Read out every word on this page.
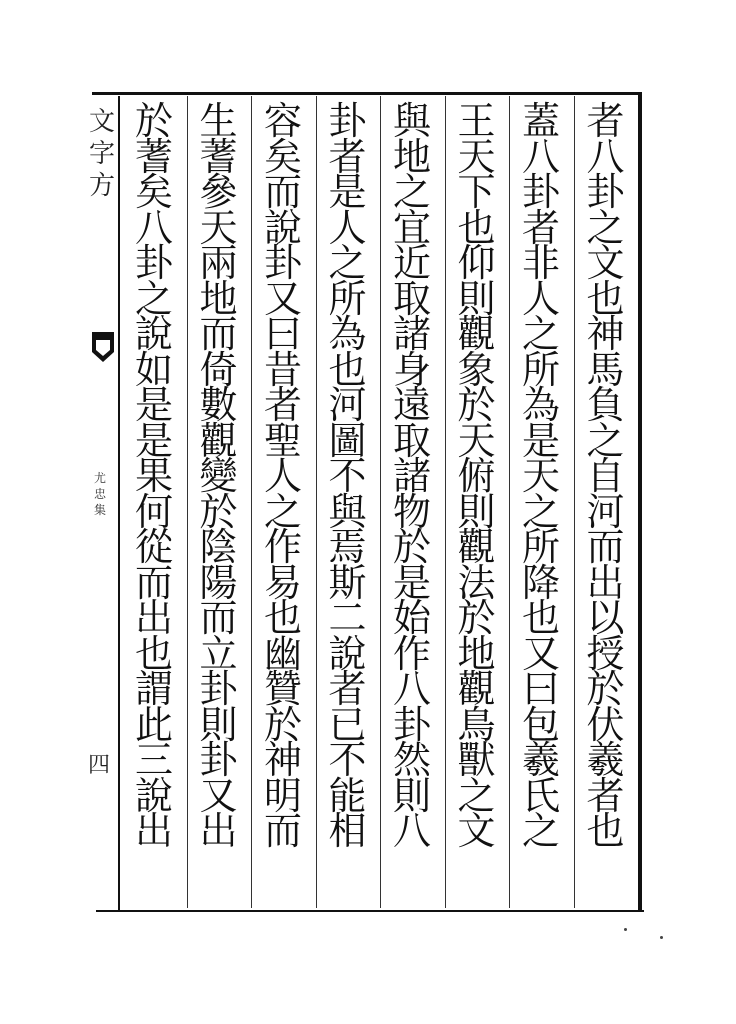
文
字
方
尤
忠
集
四
者
八
卦
之
文
也
神
馬
負
之
自
河
而
出
以
授
於
伏
羲
者
也
蓋
八
卦
者
非
人
之
所
為
是
天
之
所
降
也
又
曰
包
羲
氏
之
王
天
下
也
仰
則
觀
象
於
天
俯
則
觀
法
於
地
觀
鳥
獸
之
文
與
地
之
宜
近
取
諸
身
遠
取
諸
物
於
是
始
作
八
卦
然
則
八
卦
者
是
人
之
所
為
也
河
圖
不
與
焉
斯
二
說
者
已
不
能
相
容
矣
而
說
卦
又
曰
昔
者
聖
人
之
作
易
也
幽
贊
於
神
明
而
生
蓍
參
天
兩
地
而
倚
數
觀
變
於
陰
陽
而
立
卦
則
卦
又
出
於
蓍
矣
八
卦
之
說
如
是
是
果
何
從
而
出
也
謂
此
三
說
出
